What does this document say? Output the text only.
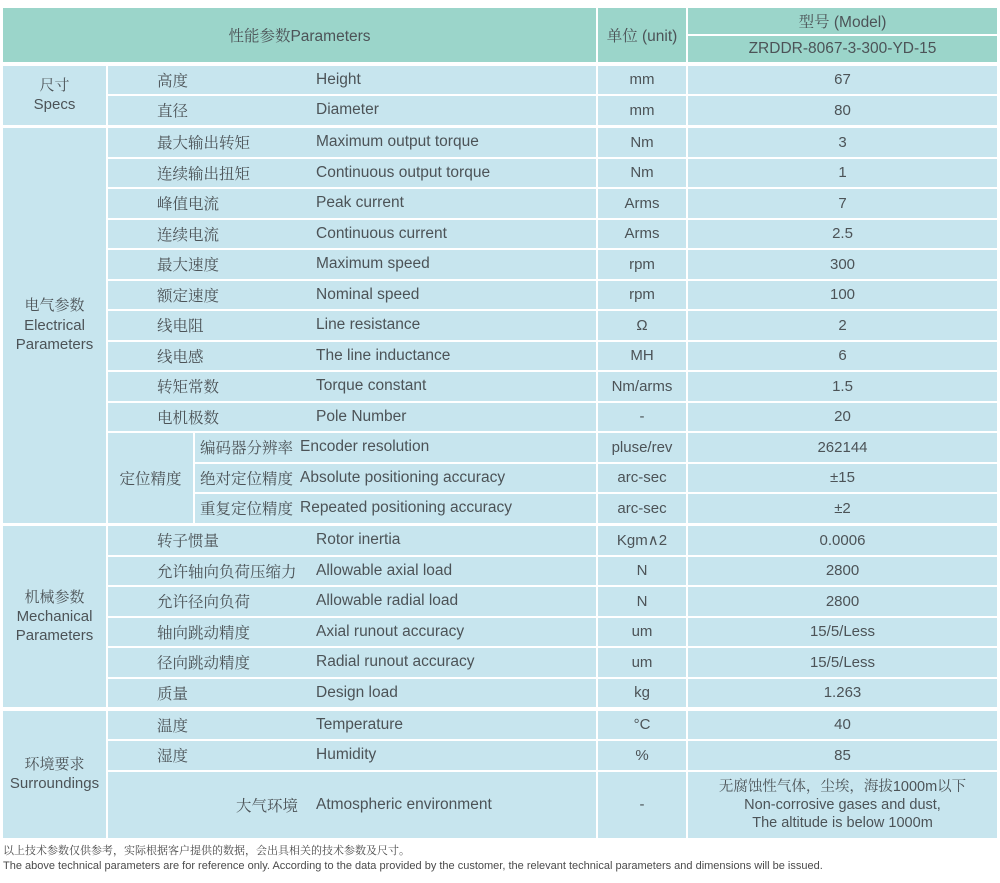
性能参数Parameters	单位 (unit)
型号 (Model)
ZRDDR-8067-3-300-YD-15
尺寸
Specs
高度	Height	mm	67
直径	Diameter	mm	80
电气参数
Electrical Parameters
最大输出转矩	Maximum output torque	Nm	3
连续输出扭矩	Continuous output torque	Nm	1
峰值电流	Peak current	Arms	7
连续电流	Continuous current	Arms	2.5
最大速度	Maximum speed	rpm	300
额定速度	Nominal speed	rpm	100
线电阻	Line resistance	Ω	2
线电感	The line inductance	MH	6
转矩常数	Torque constant	Nm/arms	1.5
电机极数	Pole Number	-	20
定位精度
编码器分辨率 Encoder resolution	pluse/rev	262144
绝对定位精度 Absolute positioning accuracy	arc-sec	±15
重复定位精度 Repeated positioning accuracy	arc-sec	±2
机械参数
Mechanical Parameters
转子惯量	Rotor inertia	Kgm∧2	0.0006
允许轴向负荷压缩力 Allowable axial load	N	2800
允许径向负荷	Allowable radial load	N	2800
轴向跳动精度	Axial runout accuracy	um	15/5/Less
径向跳动精度	Radial runout accuracy	um	15/5/Less
质量	Design load	kg	1.263
环境要求
Surroundings
温度	Temperature	°C	40
湿度	Humidity	%	85
大气环境 Atmospheric environment	-
无腐蚀性气体，尘埃，海拔1000m以下
Non-corrosive gases and dust,
The altitude is below 1000m
以上技术参数仅供参考，实际根据客户提供的数据，会出具相关的技术参数及尺寸。
The above technical parameters are for reference only. According to the data provided by the customer, the relevant technical parameters and dimensions will be issued.
